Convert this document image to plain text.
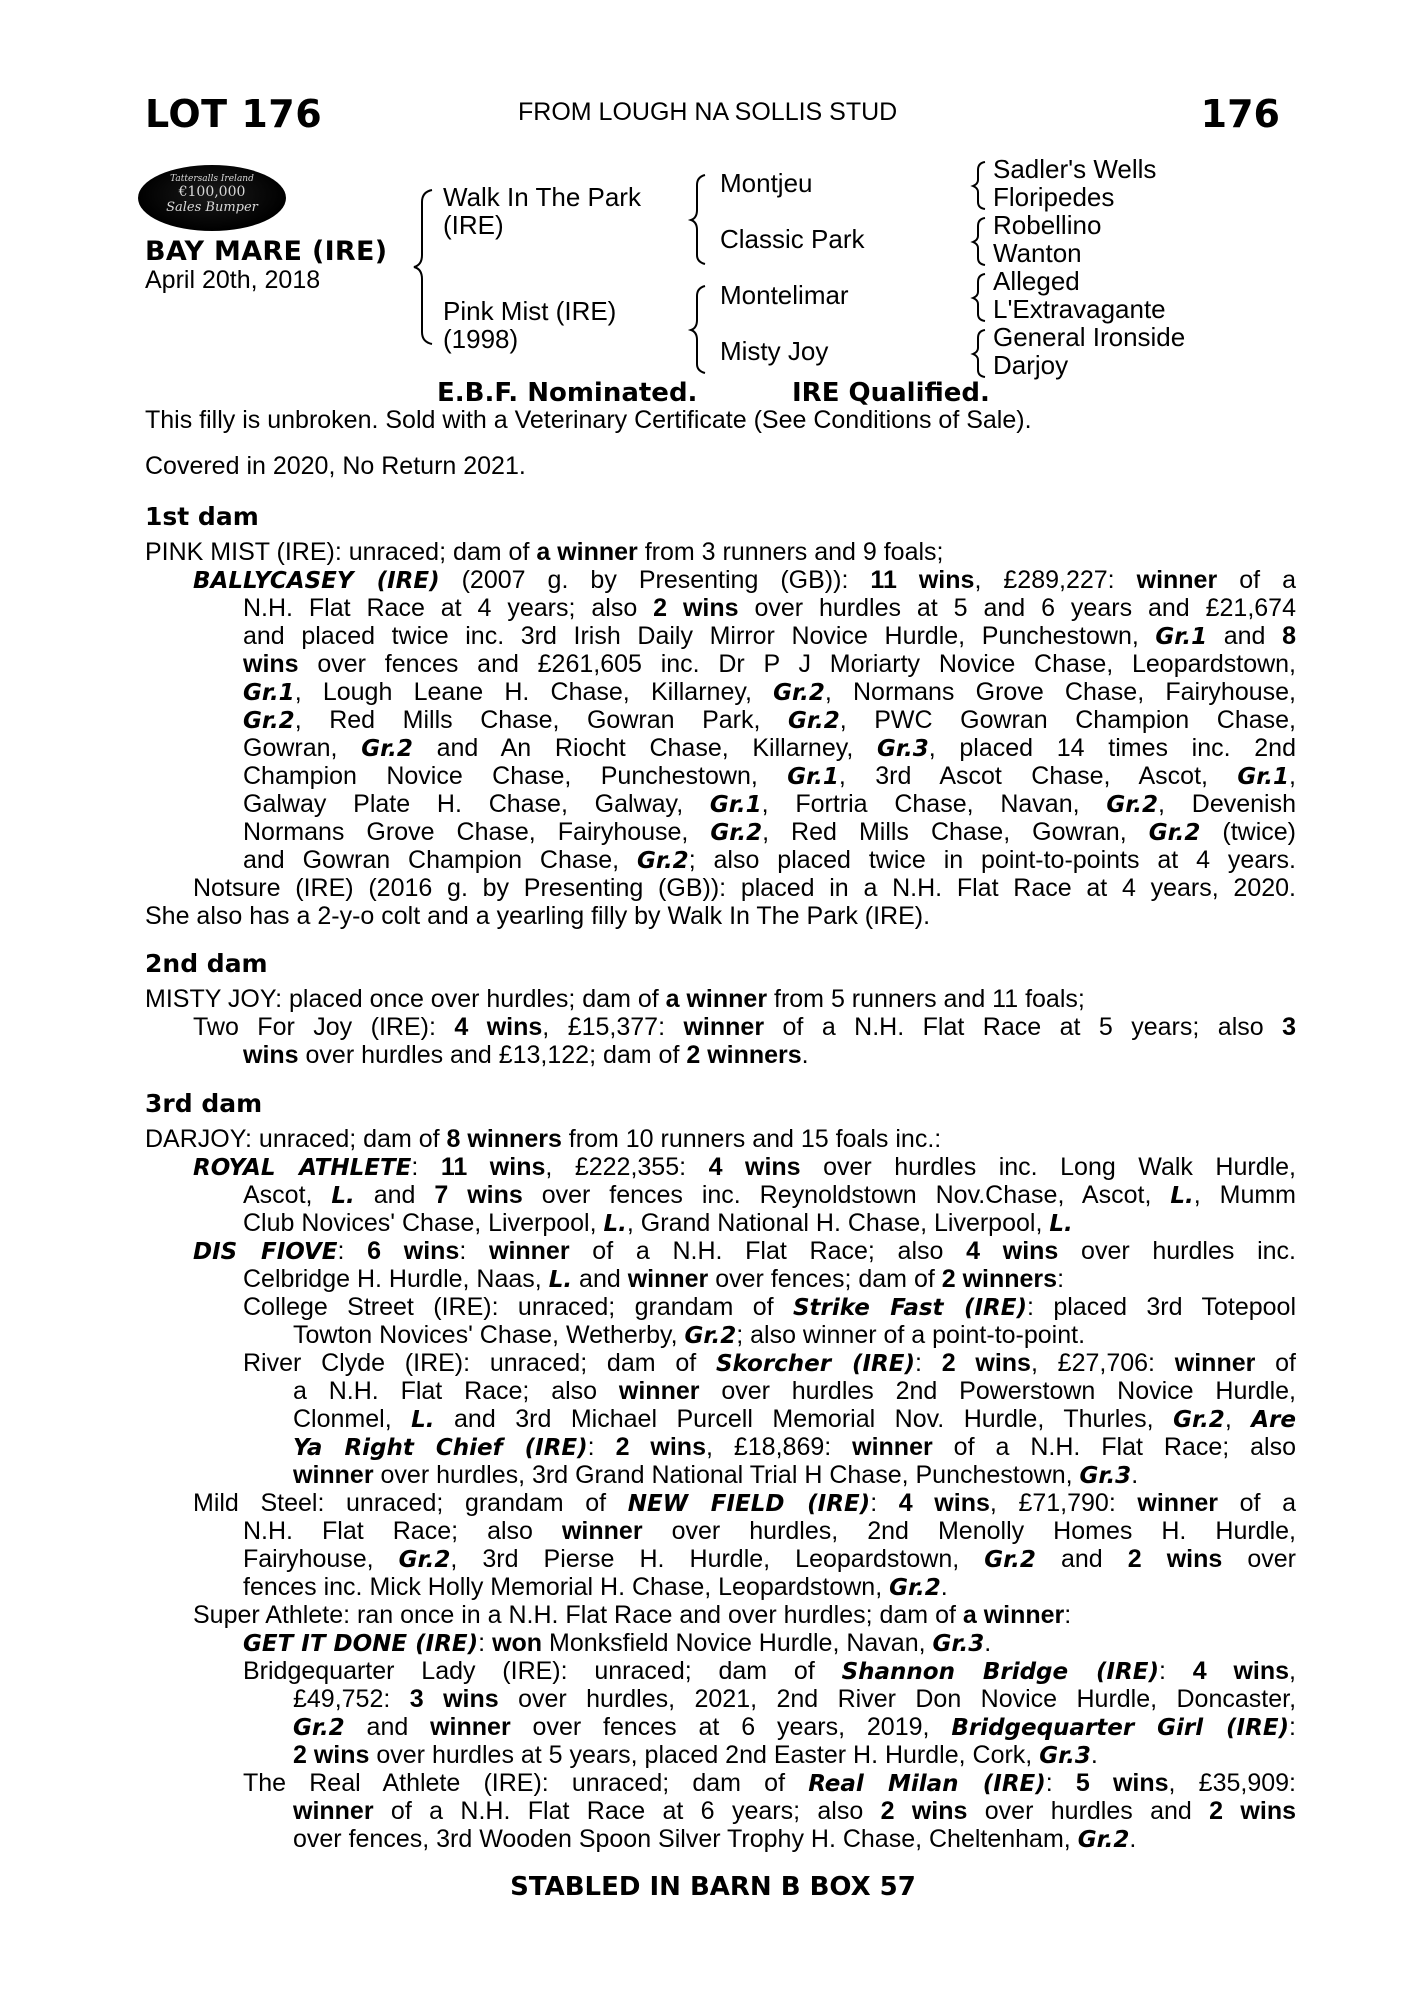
LOT 176	FROM LOUGH NA SOLLIS STUD	176
Tattersalls Ireland
€100,000
Sales Bumper
BAY MARE (IRE)
April 20th, 2018
Walk In The Park
(IRE)
Pink Mist (IRE)
(1998)
Montjeu
Classic Park
Montelimar
Misty Joy
Sadler's Wells
Floripedes
Robellino
Wanton
Alleged
L'Extravagante
General Ironside
Darjoy
E.B.F. Nominated.	IRE Qualified.
This filly is unbroken. Sold with a Veterinary Certificate (See Conditions of Sale).
Covered in 2020, No Return 2021.
1st dam
2nd dam
3rd dam
PINK MIST (IRE): unraced; dam of a winner from 3 runners and 9 foals;
BALLYCASEY (IRE) (2007 g. by Presenting (GB)): 11 wins, £289,227: winner of a
N.H. Flat Race at 4 years; also 2 wins over hurdles at 5 and 6 years and £21,674
and placed twice inc. 3rd Irish Daily Mirror Novice Hurdle, Punchestown, Gr.1 and 8
wins over fences and £261,605 inc. Dr P J Moriarty Novice Chase, Leopardstown,
Gr.1, Lough Leane H. Chase, Killarney, Gr.2, Normans Grove Chase, Fairyhouse,
Gr.2, Red Mills Chase, Gowran Park, Gr.2, PWC Gowran Champion Chase,
Gowran, Gr.2 and An Riocht Chase, Killarney, Gr.3, placed 14 times inc. 2nd
Champion Novice Chase, Punchestown, Gr.1, 3rd Ascot Chase, Ascot, Gr.1,
Galway Plate H. Chase, Galway, Gr.1, Fortria Chase, Navan, Gr.2, Devenish
Normans Grove Chase, Fairyhouse, Gr.2, Red Mills Chase, Gowran, Gr.2 (twice)
and Gowran Champion Chase, Gr.2; also placed twice in point-to-points at 4 years.
Notsure (IRE) (2016 g. by Presenting (GB)): placed in a N.H. Flat Race at 4 years, 2020.
She also has a 2-y-o colt and a yearling filly by Walk In The Park (IRE).
MISTY JOY: placed once over hurdles; dam of a winner from 5 runners and 11 foals;
Two For Joy (IRE): 4 wins, £15,377: winner of a N.H. Flat Race at 5 years; also 3
wins over hurdles and £13,122; dam of 2 winners.
DARJOY: unraced; dam of 8 winners from 10 runners and 15 foals inc.:
ROYAL ATHLETE: 11 wins, £222,355: 4 wins over hurdles inc. Long Walk Hurdle,
Ascot, L. and 7 wins over fences inc. Reynoldstown Nov.Chase, Ascot, L., Mumm
Club Novices' Chase, Liverpool, L., Grand National H. Chase, Liverpool, L.
DIS FIOVE: 6 wins: winner of a N.H. Flat Race; also 4 wins over hurdles inc.
Celbridge H. Hurdle, Naas, L. and winner over fences; dam of 2 winners:
College Street (IRE): unraced; grandam of Strike Fast (IRE): placed 3rd Totepool
Towton Novices' Chase, Wetherby, Gr.2; also winner of a point-to-point.
River Clyde (IRE): unraced; dam of Skorcher (IRE): 2 wins, £27,706: winner of
a N.H. Flat Race; also winner over hurdles 2nd Powerstown Novice Hurdle,
Clonmel, L. and 3rd Michael Purcell Memorial Nov. Hurdle, Thurles, Gr.2, Are
Ya Right Chief (IRE): 2 wins, £18,869: winner of a N.H. Flat Race; also
winner over hurdles, 3rd Grand National Trial H Chase, Punchestown, Gr.3.
Mild Steel: unraced; grandam of NEW FIELD (IRE): 4 wins, £71,790: winner of a
N.H. Flat Race; also winner over hurdles, 2nd Menolly Homes H. Hurdle,
Fairyhouse, Gr.2, 3rd Pierse H. Hurdle, Leopardstown, Gr.2 and 2 wins over
fences inc. Mick Holly Memorial H. Chase, Leopardstown, Gr.2.
Super Athlete: ran once in a N.H. Flat Race and over hurdles; dam of a winner:
GET IT DONE (IRE): won Monksfield Novice Hurdle, Navan, Gr.3.
Bridgequarter Lady (IRE): unraced; dam of Shannon Bridge (IRE): 4 wins,
£49,752: 3 wins over hurdles, 2021, 2nd River Don Novice Hurdle, Doncaster,
Gr.2 and winner over fences at 6 years, 2019, Bridgequarter Girl (IRE):
2 wins over hurdles at 5 years, placed 2nd Easter H. Hurdle, Cork, Gr.3.
The Real Athlete (IRE): unraced; dam of Real Milan (IRE): 5 wins, £35,909:
winner of a N.H. Flat Race at 6 years; also 2 wins over hurdles and 2 wins
over fences, 3rd Wooden Spoon Silver Trophy H. Chase, Cheltenham, Gr.2.
STABLED IN BARN B BOX 57
